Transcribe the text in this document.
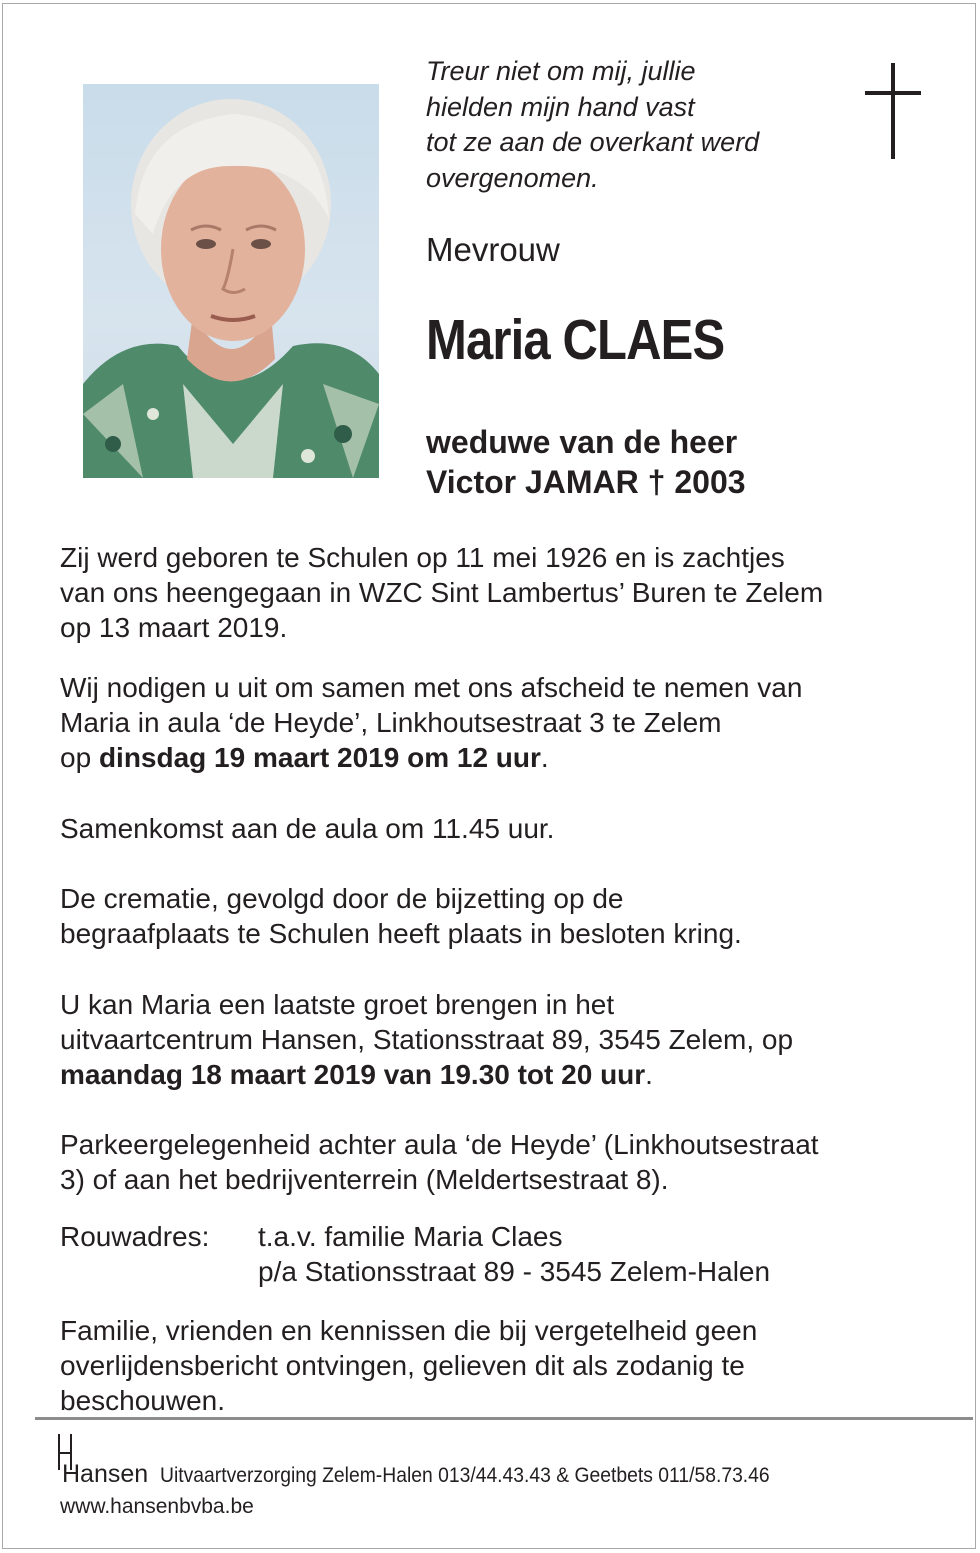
Treur niet om mij, jullie
hielden mijn hand vast
tot ze aan de overkant werd
overgenomen.
Mevrouw
Maria CLAES
weduwe van de heer
Victor JAMAR † 2003
Zij werd geboren te Schulen op 11 mei 1926 en is zachtjes
van ons heengegaan in WZC Sint Lambertus’ Buren te Zelem
op 13 maart 2019.
Wij nodigen u uit om samen met ons afscheid te nemen van
Maria in aula ‘de Heyde’, Linkhoutsestraat 3 te Zelem
op dinsdag 19 maart 2019 om 12 uur.
Samenkomst aan de aula om 11.45 uur.
De crematie, gevolgd door de bijzetting op de
begraafplaats te Schulen heeft plaats in besloten kring.
U kan Maria een laatste groet brengen in het
uitvaartcentrum Hansen, Stationsstraat 89, 3545 Zelem, op
maandag 18 maart 2019 van 19.30 tot 20 uur.
Parkeergelegenheid achter aula ‘de Heyde’ (Linkhoutsestraat
3) of aan het bedrijventerrein (Meldertsestraat 8).
Rouwadres: t.a.v. familie Maria Claes
p/a Stationsstraat 89 - 3545 Zelem-Halen
Familie, vrienden en kennissen die bij vergetelheid geen
overlijdensbericht ontvingen, gelieven dit als zodanig te
beschouwen.
Hansen Uitvaartverzorging Zelem-Halen 013/44.43.43 & Geetbets 011/58.73.46
www.hansenbvba.be
